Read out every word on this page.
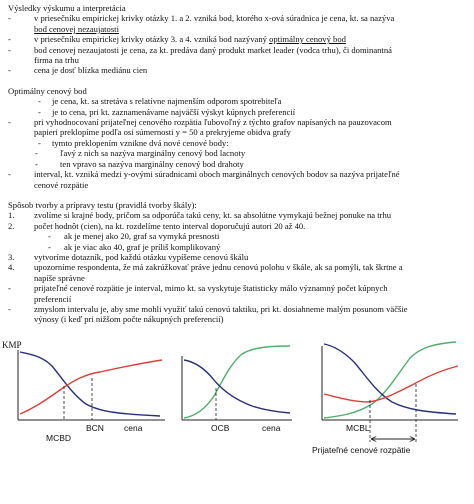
Výsledky výskumu a interpretácia

-	v priesečníku empirickej krivky otázky 1. a 2. vzniká bod, ktorého x-ová súradnica je cena, kt. sa nazýva
bod cenovej nezaujatosti
-	v priesečníku empirickej krivky otázky 3. a 4. vzniká bod nazývaný optimálny cenový bod
-	bod cenovej nezaujatosti je cena, za kt. predáva daný produkt market leader (vodca trhu), či dominantná
firma na trhu
-	cena je dosť blízka mediánu cien

Optimálny cenový bod

-	je cena, kt. sa stretáva s relatívne najmenším odporom spotrebiteľa
-	je to cena, pri kt. zaznamenávame najväčší výskyt kúpnych preferencií
-	pri vyhodnocovaní prijateľnej cenového rozpätia ľubovoľný z týchto grafov napísaných na pauzovacom
papieri preklopíme podľa osi súmernosti y = 50 a prekryjeme obidva grafy
-	tymto preklopením vznikne dvá nové cenové body:
-	ľavý z nich sa nazýva marginálny cenový bod lacnoty
-	ten vpravo sa nazýva marginálny cenový bod drahoty
-	interval, kt. vzniká medzi y-ovými súradnicami oboch marginálnych cenových bodov sa nazýva prijateľné
cenové rozpätie

Spôsob tvorby a prípravy testu (pravidlá tvorby škály):

1.	zvolíme si krajné body, pričom sa odporúča takú ceny, kt. sa absolútne vymykajú bežnej ponuke na trhu
2.	počet hodnôt (cien), na kt. rozdelíme tento interval doporučujú autori 20 až 40.
-	ak je menej ako 20, graf sa vymyká presnosti
-	ak je viac ako 40, graf je príliš komplikovaný
3.	vytvoríme dotazník, pod každú otázku vypíšeme cenovú škálu
4.	upozorníme respondenta, že má zakrúžkovať práve jednu cenovú polohu v škále, ak sa pomýli, tak škrtne a
napíše správne
-	prijateľné cenové rozpätie je interval, mimo kt. sa vyskytuje štatisticky málo významný počet kúpnych
preferencií
-	zmyslom intervalu je, aby sme mohli využiť takú cenovú taktiku, pri kt. dosiahneme malým posunom väčšie
výnosy (i keď pri nižšom počte nákupných preferencií)
KMP
BCN cena
MCBD
OCB	cena	MCBL
Prijateľné cenové rozpätie
